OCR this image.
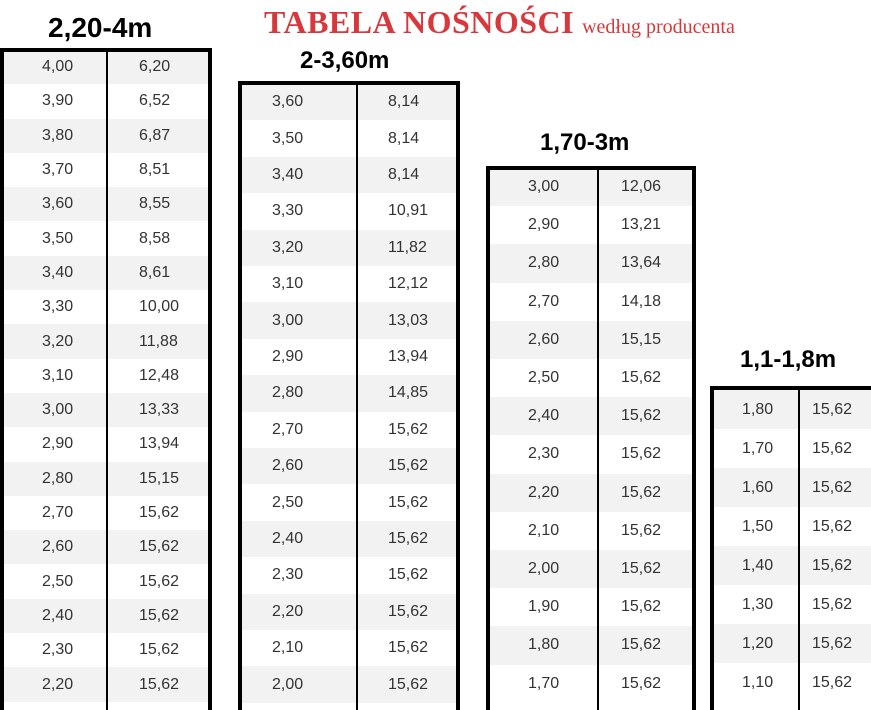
TABELA NOŚNOŚCI według producenta
2,20-4m
4,00	6,20
3,90	6,52
3,80	6,87
3,70	8,51
3,60	8,55
3,50	8,58
3,40	8,61
3,30	10,00
3,20	11,88
3,10	12,48
3,00	13,33
2,90	13,94
2,80	15,15
2,70	15,62
2,60	15,62
2,50	15,62
2,40	15,62
2,30	15,62
2,20	15,62
2-3,60m
3,60	8,14
3,50	8,14
3,40	8,14
3,30	10,91
3,20	11,82
3,10	12,12
3,00	13,03
2,90	13,94
2,80	14,85
2,70	15,62
2,60	15,62
2,50	15,62
2,40	15,62
2,30	15,62
2,20	15,62
2,10	15,62
2,00	15,62
1,70-3m
3,00	12,06
2,90	13,21
2,80	13,64
2,70	14,18
2,60	15,15
2,50	15,62
2,40	15,62
2,30	15,62
2,20	15,62
2,10	15,62
2,00	15,62
1,90	15,62
1,80	15,62
1,70	15,62
1,1-1,8m
1,80 15,62
1,70 15,62
1,60 15,62
1,50 15,62
1,40 15,62
1,30 15,62
1,20 15,62
1,10 15,62
